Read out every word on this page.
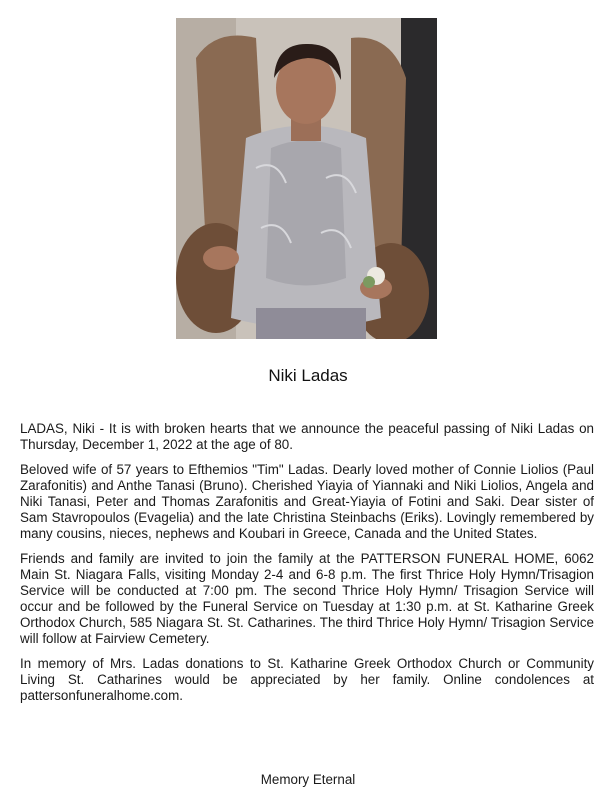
Niki Ladas

LADAS, Niki - It is with broken hearts that we announce the peaceful passing of Niki Ladas on Thursday, December 1, 2022 at the age of 80.

Beloved wife of 57 years to Efthemios "Tim" Ladas. Dearly loved mother of Connie Liolios (Paul Zarafonitis) and Anthe Tanasi (Bruno). Cherished Yiayia of Yiannaki and Niki Liolios, Angela and Niki Tanasi, Peter and Thomas Zarafonitis and Great-Yiayia of Fotini and Saki. Dear sister of Sam Stavropoulos (Evagelia) and the late Christina Steinbachs (Eriks). Lovingly remembered by many cousins, nieces, nephews and Koubari in Greece, Canada and the United States.

Friends and family are invited to join the family at the PATTERSON FUNERAL HOME, 6062 Main St. Niagara Falls, visiting Monday 2-4 and 6-8 p.m. The first Thrice Holy Hymn/Trisagion Service will be conducted at 7:00 pm. The second Thrice Holy Hymn/ Trisagion Service will occur and be followed by the Funeral Service on Tuesday at 1:30 p.m. at St. Katharine Greek Orthodox Church, 585 Niagara St. St. Catharines. The third Thrice Holy Hymn/ Trisagion Service will follow at Fairview Cemetery.

In memory of Mrs. Ladas donations to St. Katharine Greek Orthodox Church or Community Living St. Catharines would be appreciated by her family. Online condolences at pattersonfuneralhome.com.

Memory Eternal
